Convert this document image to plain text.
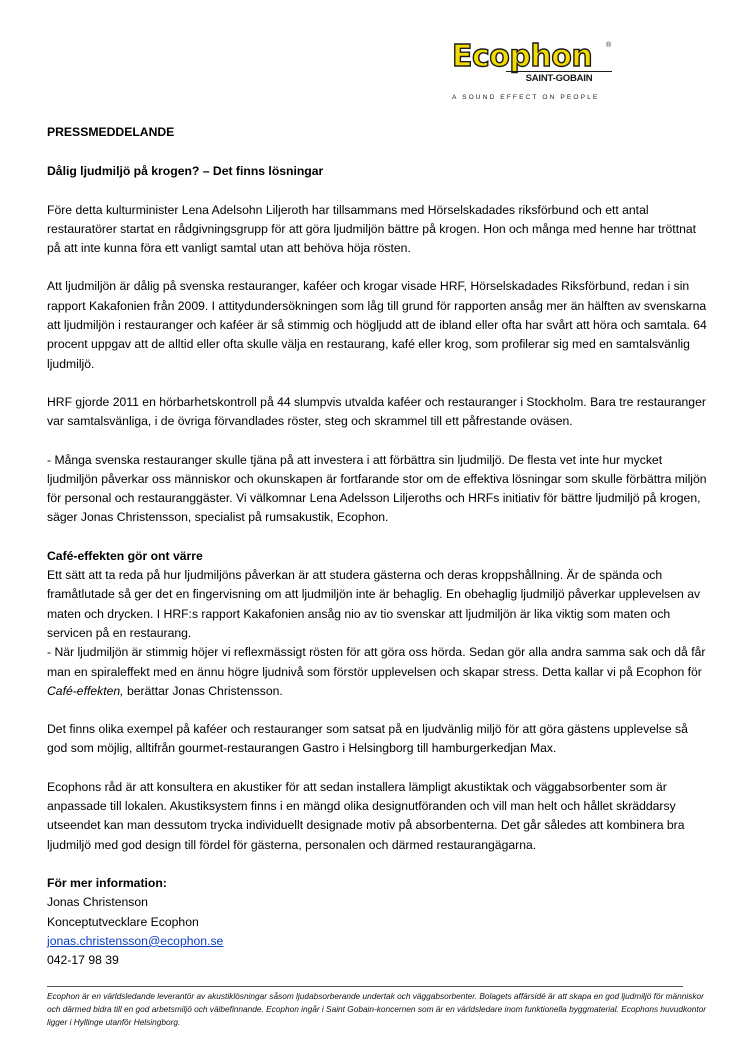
Ecophon ®
SAINT-GOBAIN
A SOUND EFFECT ON PEOPLE

PRESSMEDDELANDE

Dålig ljudmiljö på krogen? – Det finns lösningar

Före detta kulturminister Lena Adelsohn Liljeroth har tillsammans med Hörselskadades riksförbund och ett antal restauratörer startat en rådgivningsgrupp för att göra ljudmiljön bättre på krogen. Hon och många med henne har tröttnat på att inte kunna föra ett vanligt samtal utan att behöva höja rösten.

Att ljudmiljön är dålig på svenska restauranger, kaféer och krogar visade HRF, Hörselskadades Riksförbund, redan i sin rapport Kakafonien från 2009. I attitydundersökningen som låg till grund för rapporten ansåg mer än hälften av svenskarna att ljudmiljön i restauranger och kaféer är så stimmig och högljudd att de ibland eller ofta har svårt att höra och samtala. 64 procent uppgav att de alltid eller ofta skulle välja en restaurang, kafé eller krog, som profilerar sig med en samtalsvänlig ljudmiljö.

HRF gjorde 2011 en hörbarhetskontroll på 44 slumpvis utvalda kaféer och restauranger i Stockholm. Bara tre restauranger var samtalsvänliga, i de övriga förvandlades röster, steg och skrammel till ett påfrestande oväsen.

- Många svenska restauranger skulle tjäna på att investera i att förbättra sin ljudmiljö. De flesta vet inte hur mycket ljudmiljön påverkar oss människor och okunskapen är fortfarande stor om de effektiva lösningar som skulle förbättra miljön för personal och restauranggäster. Vi välkomnar Lena Adelsson Liljeroths och HRFs initiativ för bättre ljudmiljö på krogen, säger Jonas Christensson, specialist på rumsakustik, Ecophon.

Café-effekten gör ont värre

Ett sätt att ta reda på hur ljudmiljöns påverkan är att studera gästerna och deras kroppshållning. Är de spända och framåtlutade så ger det en fingervisning om att ljudmiljön inte är behaglig. En obehaglig ljudmiljö påverkar upplevelsen av maten och drycken. I HRF:s rapport Kakafonien ansåg nio av tio svenskar att ljudmiljön är lika viktig som maten och servicen på en restaurang.

- När ljudmiljön är stimmig höjer vi reflexmässigt rösten för att göra oss hörda. Sedan gör alla andra samma sak och då får man en spiraleffekt med en ännu högre ljudnivå som förstör upplevelsen och skapar stress. Detta kallar vi på Ecophon för Café-effekten, berättar Jonas Christensson.

Det finns olika exempel på kaféer och restauranger som satsat på en ljudvänlig miljö för att göra gästens upplevelse så god som möjlig, alltifrån gourmet-restaurangen Gastro i Helsingborg till hamburgerkedjan Max.

Ecophons råd är att konsultera en akustiker för att sedan installera lämpligt akustiktak och väggabsorbenter som är anpassade till lokalen. Akustiksystem finns i en mängd olika designutföranden och vill man helt och hållet skräddarsy utseendet kan man dessutom trycka individuellt designade motiv på absorbenterna. Det går således att kombinera bra ljudmiljö med god design till fördel för gästerna, personalen och därmed restaurangägarna.

För mer information:
Jonas Christenson
Konceptutvecklare Ecophon
jonas.christensson@ecophon.se
042-17 98 39
Ecophon är en världsledande leverantör av akustiklösningar såsom ljudabsorberande undertak och väggabsorbenter. Bolagets affärsidé är att skapa en god ljudmiljö för människor och därmed bidra till en god arbetsmiljö och välbefinnande. Ecophon ingår i Saint Gobain-koncernen som är en världsledare inom funktionella byggmaterial. Ecophons huvudkontor ligger i Hyllinge utanför Helsingborg.
